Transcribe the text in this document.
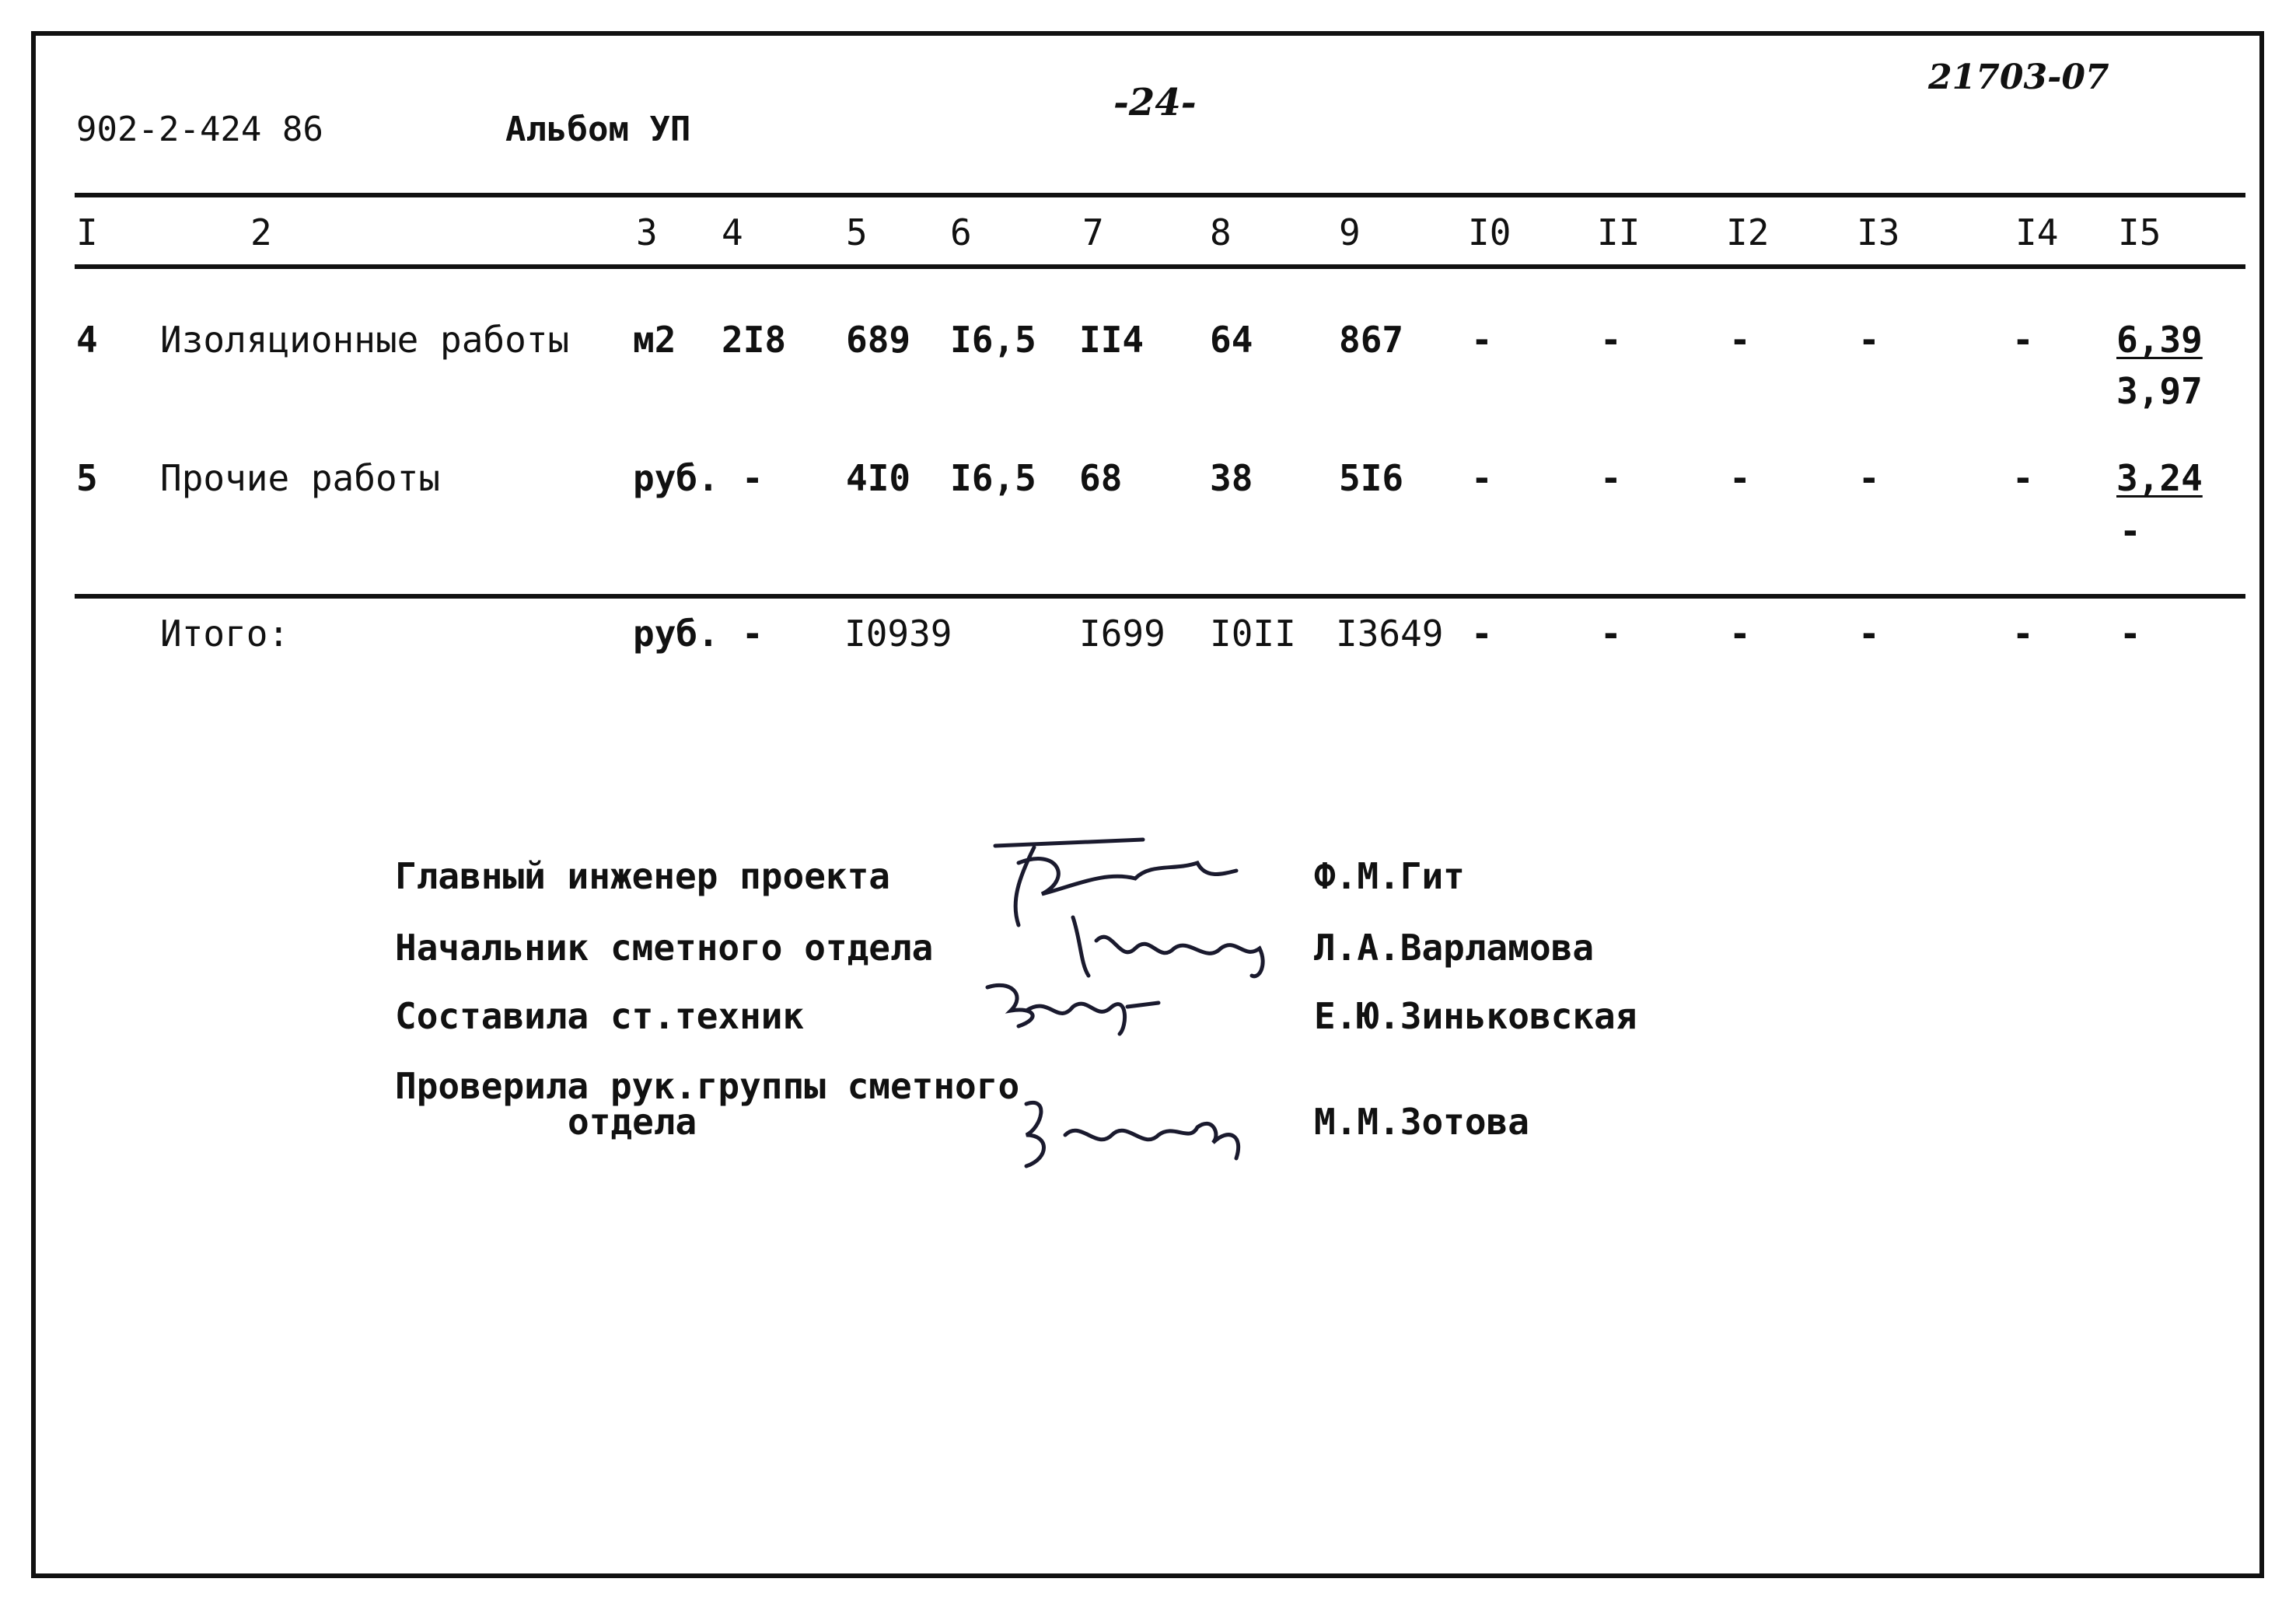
902-2-424 86	Альбом УП
-24-
21703-07
I	2	3 4	5 6	7	8	9	I0 II I2 I3	I4 I5
4 Изоляционные работы м2 2I8 689 I6,5 II4 64 867 -	-	-	-	- 6,39
3,97
5 Прочие работы	руб. - 4I0 I6,5 68 38 5I6 -	-	-	-	- 3,24
-
Итого:	руб. - I0939	I699 I0II I3649 -	-	-	-	- -
Главный инженер проекта	Ф.М.Гит
Начальник сметного отдела	Л.А.Варламова
Составила ст.техник	Е.Ю.Зиньковская
Проверила рук.группы сметного
отдела	М.М.Зотова
